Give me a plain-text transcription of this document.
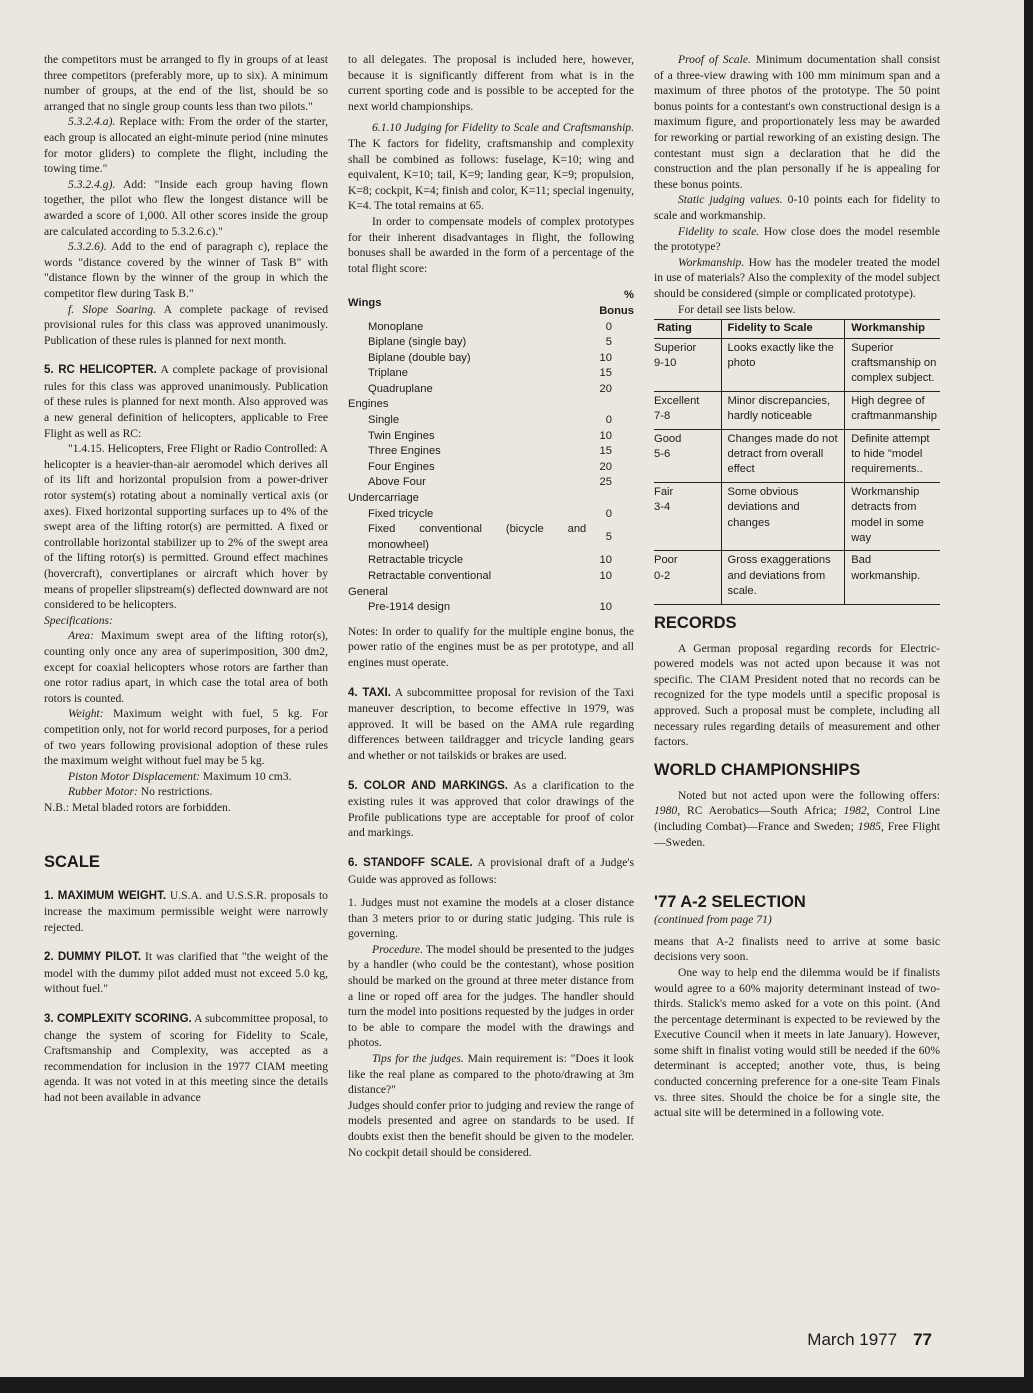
the competitors must be arranged to fly in groups of at least three competitors (preferably more, up to six). A minimum number of groups, at the end of the list, should be so arranged that no single group counts less than two pilots."

5.3.2.4.a). Replace with: From the order of the starter, each group is allocated an eight-minute period (nine minutes for motor gliders) to complete the flight, including the towing time."

5.3.2.4.g). Add: "Inside each group having flown together, the pilot who flew the longest distance will be awarded a score of 1,000. All other scores inside the group are calculated according to 5.3.2.6.c)."

5.3.2.6). Add to the end of paragraph c), replace the words "distance covered by the winner of Task B" with "distance flown by the winner of the group in which the competitor flew during Task B."

f. Slope Soaring. A complete package of revised provisional rules for this class was approved unanimously. Publication of these rules is planned for next month.

5. RC HELICOPTER. A complete package of provisional rules for this class was approved unanimously. Publication of these rules is planned for next month. Also approved was a new general definition of helicopters, applicable to Free Flight as well as RC:

"1.4.15. Helicopters, Free Flight or Radio Controlled: A helicopter is a heavier-than-air aeromodel which derives all of its lift and horizontal propulsion from a power-driver rotor system(s) rotating about a nominally vertical axis (or axes). Fixed horizontal supporting surfaces up to 4% of the swept area of the lifting rotor(s) are permitted. A fixed or controllable horizontal stabilizer up to 2% of the swept area of the lifting rotor(s) is permitted. Ground effect machines (hovercraft), convertiplanes or aircraft which hover by means of propeller slipstream(s) deflected downward are not considered to be helicopters.

Specifications:

Area: Maximum swept area of the lifting rotor(s), counting only once any area of superimposition, 300 dm2, except for coaxial helicopters whose rotors are farther than one rotor radius apart, in which case the total area of both rotors is counted.

Weight: Maximum weight with fuel, 5 kg. For competition only, not for world record purposes, for a period of two years following provisional adoption of these rules the maximum weight without fuel may be 5 kg.

Piston Motor Displacement: Maximum 10 cm3.

Rubber Motor: No restrictions.

N.B.: Metal bladed rotors are forbidden.

SCALE

1. MAXIMUM WEIGHT. U.S.A. and U.S.S.R. proposals to increase the maximum permissible weight were narrowly rejected.

2. DUMMY PILOT. It was clarified that "the weight of the model with the dummy pilot added must not exceed 5.0 kg, without fuel."

3. COMPLEXITY SCORING. A subcommittee proposal, to change the system of scoring for Fidelity to Scale, Craftsmanship and Complexity, was accepted as a recommendation for inclusion in the 1977 CIAM meeting agenda. It was not voted in at this meeting since the details had not been available in advance

to all delegates. The proposal is included here, however, because it is significantly different from what is in the current sporting code and is possible to be accepted for the next world championships.

6.1.10 Judging for Fidelity to Scale and Craftsmanship. The K factors for fidelity, craftsmanship and complexity shall be combined as follows: fuselage, K=10; wing and equivalent, K=10; tail, K=9; landing gear, K=9; propulsion, K=8; cockpit, K=4; finish and color, K=11; special ingenuity, K=4. The total remains at 65.

In order to compensate models of complex prototypes for their inherent disadvantages in flight, the following bonuses shall be awarded in the form of a percentage of the total flight score:

Wings	% Bonus
Monoplane	0
Biplane (single bay)	5
Biplane (double bay)	10
Triplane	15
Quadruplane	20
Engines	
Single	0
Twin Engines	10
Three Engines	15
Four Engines	20
Above Four	25
Undercarriage	
Fixed tricycle	0
Fixed conventional (bicycle and monowheel)	5
Retractable tricycle	10
Retractable conventional	10
General	
Pre-1914 design	10

Notes: In order to qualify for the multiple engine bonus, the power ratio of the engines must be as per prototype, and all engines must operate.

4. TAXI. A subcommittee proposal for revision of the Taxi maneuver description, to become effective in 1979, was approved. It will be based on the AMA rule regarding differences between taildragger and tricycle landing gears and whether or not tailskids or brakes are used.

5. COLOR AND MARKINGS. As a clarification to the existing rules it was approved that color drawings of the Profile publications type are acceptable for proof of color and markings.

6. STANDOFF SCALE. A provisional draft of a Judge's Guide was approved as follows:

1. Judges must not examine the models at a closer distance than 3 meters prior to or during static judging. This rule is governing.

Procedure. The model should be presented to the judges by a handler (who could be the contestant), whose position should be marked on the ground at three meter distance from a line or roped off area for the judges. The handler should turn the model into positions requested by the judges in order to be able to compare the model with the drawings and photos.

Tips for the judges. Main requirement is: "Does it look like the real plane as compared to the photo/drawing at 3m distance?"

Judges should confer prior to judging and review the range of models presented and agree on standards to be used. If doubts exist then the benefit should be given to the modeler. No cockpit detail should be considered.

Proof of Scale. Minimum documentation shall consist of a three-view drawing with 100 mm minimum span and a maximum of three photos of the prototype. The 50 point bonus points for a contestant's own constructional design is a maximum figure, and proportionately less may be awarded for reworking or partial reworking of an existing design. The contestant must sign a declaration that he did the construction and the plan personally if he is appealing for these bonus points.

Static judging values. 0-10 points each for fidelity to scale and workmanship.

Fidelity to scale. How close does the model resemble the prototype?

Workmanship. How has the modeler treated the model in use of materials? Also the complexity of the model subject should be considered (simple or complicated prototype).

For detail see lists below.

Rating	Fidelity to Scale	Workmanship

Superior
9-10	Looks exactly like the photo	Superior craftsmanship on complex subject.

Excellent
7-8	Minor discrepancies, hardly noticeable	High degree of craftmanmanship

Good
5-6	Changes made do not detract from overall effect	Definite attempt to hide "model requirements..

Fair
3-4	Some obvious deviations and changes	Workmanship detracts from model in some way

Poor
0-2	Gross exaggerations and deviations from scale.	Bad workmanship.

RECORDS

A German proposal regarding records for Electric-powered models was not acted upon because it was not specific. The CIAM President noted that no records can be recognized for the type models until a specific proposal is approved. Such a proposal must be complete, including all necessary rules regarding details of measurement and other factors.

WORLD CHAMPIONSHIPS

Noted but not acted upon were the following offers: 1980, RC Aerobatics—South Africa; 1982, Control Line (including Combat)—France and Sweden; 1985, Free Flight—Sweden.

'77 A-2 SELECTION

(continued from page 71)

means that A-2 finalists need to arrive at some basic decisions very soon.

One way to help end the dilemma would be if finalists would agree to a 60% majority determinant instead of two-thirds. Stalick's memo asked for a vote on this point. (And the percentage determinant is expected to be reviewed by the Executive Council when it meets in late January). However, some shift in finalist voting would still be needed if the 60% determinant is accepted; another vote, thus, is being conducted concerning preference for a one-site Team Finals vs. three sites. Should the choice be for a single site, the actual site will be determined in a following vote.

March 1977 77
